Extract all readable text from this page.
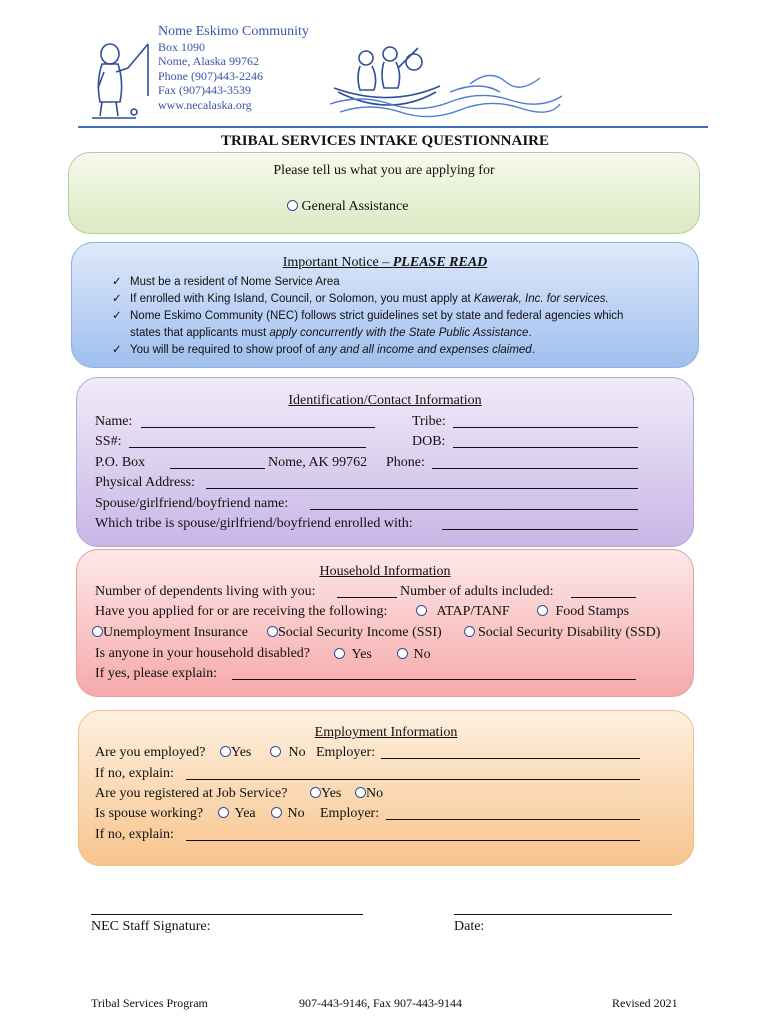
Nome Eskimo Community
Box 1090
Nome, Alaska 99762
Phone (907)443-2246
Fax (907)443-3539
www.necalaska.org
TRIBAL SERVICES INTAKE QUESTIONNAIRE
Please tell us what you are applying for
General Assistance
Important Notice – PLEASE READ
✓ Must be a resident of Nome Service Area
✓ If enrolled with King Island, Council, or Solomon, you must apply at Kawerak, Inc. for services.
✓ Nome Eskimo Community (NEC) follows strict guidelines set by state and federal agencies which
states that applicants must apply concurrently with the State Public Assistance.
✓ You will be required to show proof of any and all income and expenses claimed.
Identification/Contact Information
Name:	Tribe:
SS#:	DOB:
P.O. Box	Nome, AK 99762 Phone:
Physical Address:
Spouse/girlfriend/boyfriend name:
Which tribe is spouse/girlfriend/boyfriend enrolled with:
Household Information
Number of dependents living with you:	Number of adults included:
Have you applied for or are receiving the following:	ATAP/TANF	Food Stamps
Unemployment Insurance	Social Security Income (SSI)	Social Security Disability (SSD)
Is anyone in your household disabled?	Yes	No
If yes, please explain:
Employment Information
Are you employed?	Yes	No Employer:
If no, explain:
Are you registered at Job Service?	Yes	No
Is spouse working?	Yea	No Employer:
If no, explain:
NEC Staff Signature:	Date:
Tribal Services Program	907-443-9146, Fax 907-443-9144	Revised 2021
